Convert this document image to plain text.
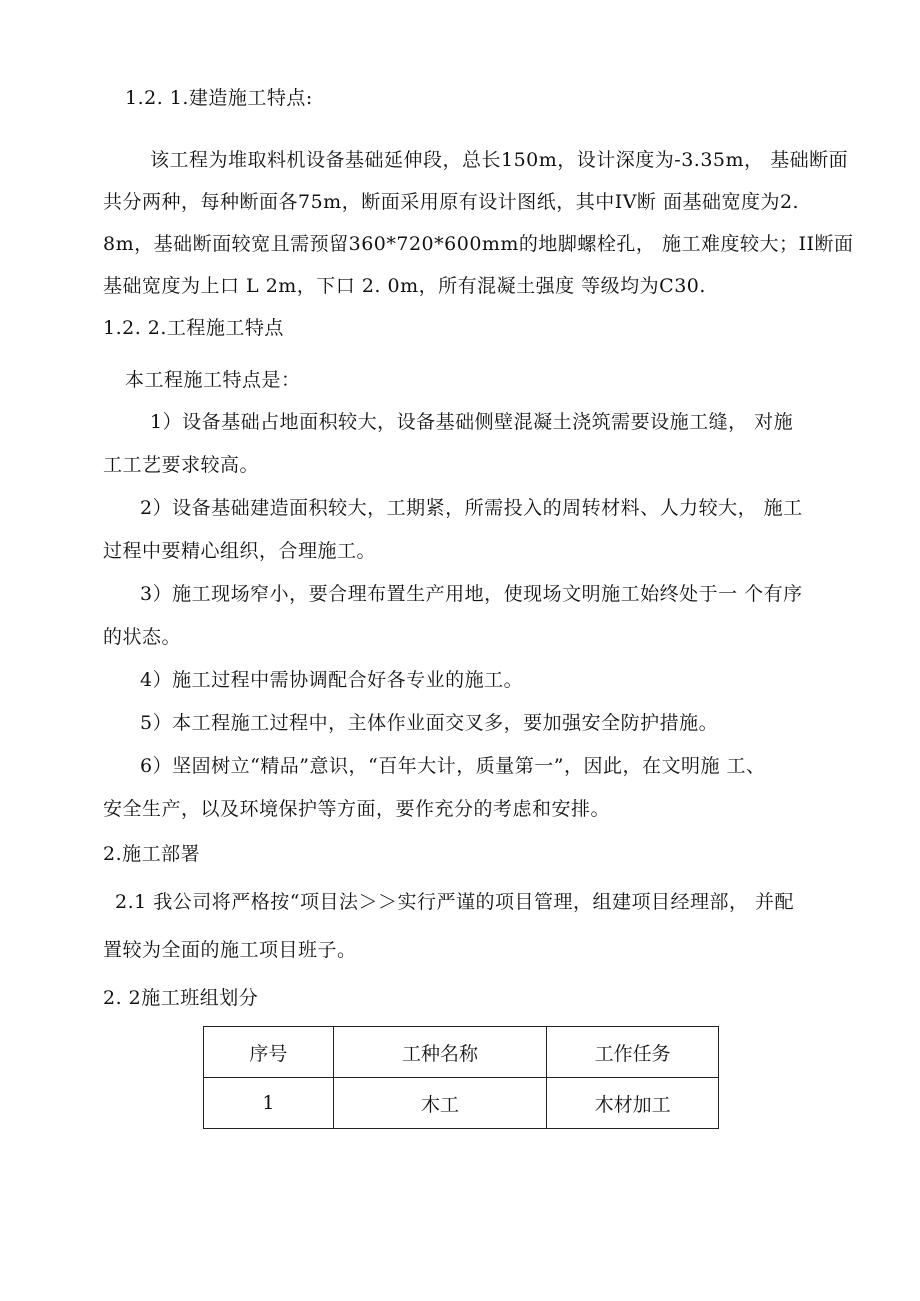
1.2. 1.建造施工特点:
该工程为堆取料机设备基础延伸段，总长150m，设计深度为-3.35m， 基础断面
共分两种，每种断面各75m，断面采用原有设计图纸，其中IV断 面基础宽度为2.
8m，基础断面较宽且需预留360*720*600mm的地脚螺栓孔， 施工难度较大；II断面
基础宽度为上口 L 2m，下口 2. 0m，所有混凝土强度 等级均为C30.
1.2. 2.工程施工特点
本工程施工特点是：
1）设备基础占地面积较大，设备基础侧壁混凝土浇筑需要设施工缝， 对施
工工艺要求较高。
2）设备基础建造面积较大，工期紧，所需投入的周转材料、人力较大， 施工
过程中要精心组织，合理施工。
3）施工现场窄小，要合理布置生产用地，使现场文明施工始终处于一 个有序
的状态。
4）施工过程中需协调配合好各专业的施工。
5）本工程施工过程中，主体作业面交叉多，要加强安全防护措施。
6）坚固树立“精品”意识，“百年大计，质量第一”，因此，在文明施 工、
安全生产，以及环境保护等方面，要作充分的考虑和安排。
2.施工部署
2.1 我公司将严格按“项目法＞＞实行严谨的项目管理，组建项目经理部， 并配
置较为全面的施工项目班子。
2. 2施工班组划分
序号	工种名称	工作任务
1	木工	木材加工
